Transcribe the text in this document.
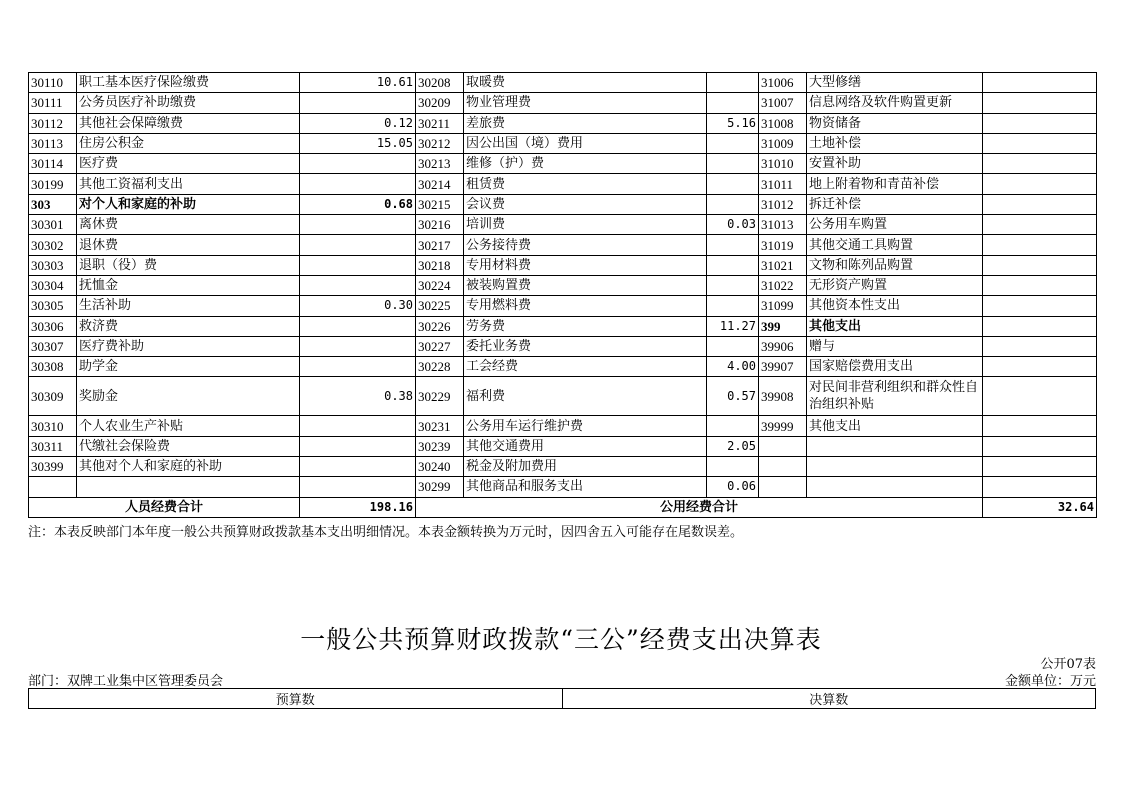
30110	职工基本医疗保险缴费	10.61	30208	取暖费		31006	大型修缮	
30111	公务员医疗补助缴费		30209	物业管理费		31007	信息网络及软件购置更新	
30112	其他社会保障缴费	0.12	30211	差旅费	5.16	31008	物资储备	
30113	住房公积金	15.05	30212	因公出国（境）费用		31009	土地补偿	
30114	医疗费		30213	维修（护）费		31010	安置补助	
30199	其他工资福利支出		30214	租赁费		31011	地上附着物和青苗补偿	
303	对个人和家庭的补助	0.68	30215	会议费		31012	拆迁补偿	
30301	离休费		30216	培训费	0.03	31013	公务用车购置	
30302	退休费		30217	公务接待费		31019	其他交通工具购置	
30303	退职（役）费		30218	专用材料费		31021	文物和陈列品购置	
30304	抚恤金		30224	被装购置费		31022	无形资产购置	
30305	生活补助	0.30	30225	专用燃料费		31099	其他资本性支出	
30306	救济费		30226	劳务费	11.27	399	其他支出	
30307	医疗费补助		30227	委托业务费		39906	赠与	
30308	助学金		30228	工会经费	4.00	39907	国家赔偿费用支出	
30309	奖励金	0.38	30229	福利费	0.57	39908	对民间非营利组织和群众性自治组织补贴	
30310	个人农业生产补贴		30231	公务用车运行维护费		39999	其他支出	
30311	代缴社会保险费		30239	其他交通费用	2.05			
30399	其他对个人和家庭的补助		30240	税金及附加费用				
			30299	其他商品和服务支出	0.06			
人员经费合计		198.16	公用经费合计					32.64
注：本表反映部门本年度一般公共预算财政拨款基本支出明细情况。本表金额转换为万元时，因四舍五入可能存在尾数误差。
一般公共预算财政拨款“三公”经费支出决算表
公开07表
部门：双牌工业集中区管理委员会	金额单位：万元
预算数	决算数
